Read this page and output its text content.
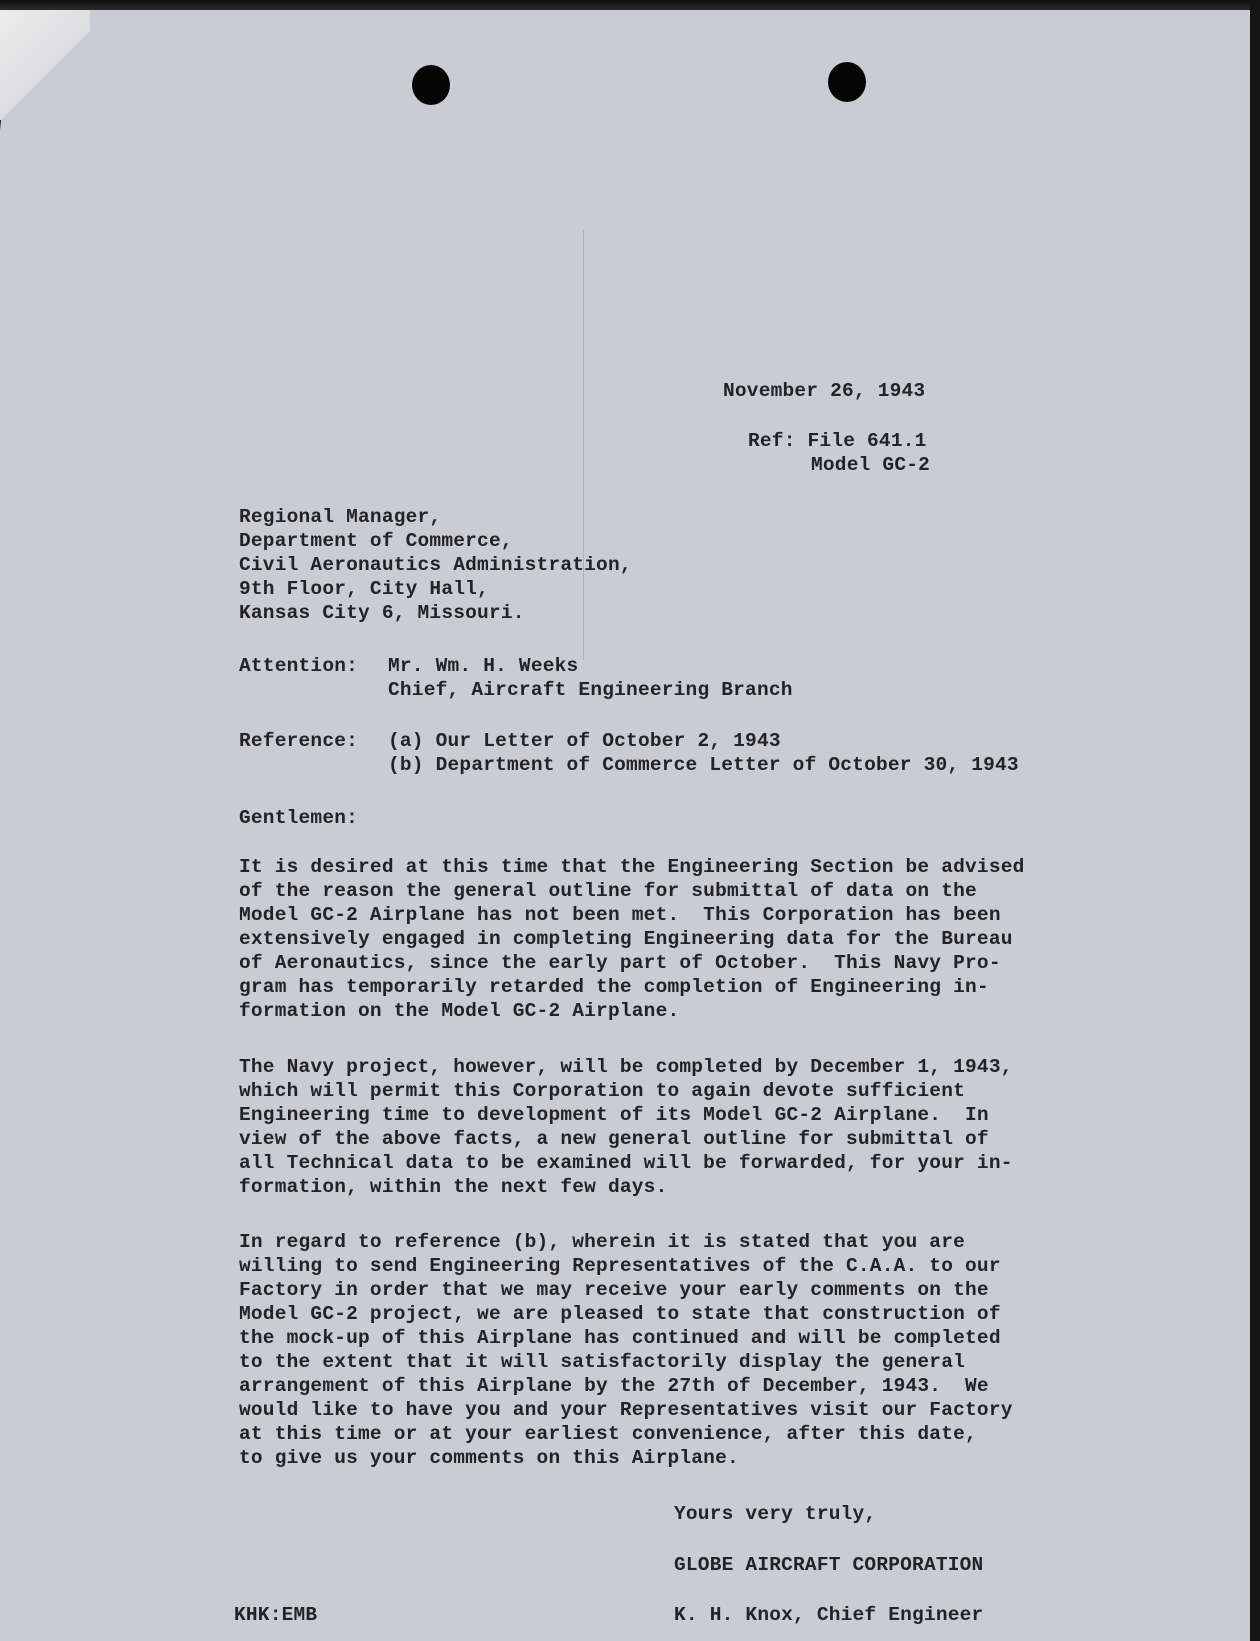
November 26, 1943
Ref: File 641.1
Model GC-2
Regional Manager,
Department of Commerce,
Civil Aeronautics Administration,
9th Floor, City Hall,
Kansas City 6, Missouri.
Attention: Mr. Wm. H. Weeks
Chief, Aircraft Engineering Branch
Reference: (a) Our Letter of October 2, 1943
(b) Department of Commerce Letter of October 30, 1943
Gentlemen:
It is desired at this time that the Engineering Section be advised
of the reason the general outline for submittal of data on the
Model GC-2 Airplane has not been met.  This Corporation has been
extensively engaged in completing Engineering data for the Bureau
of Aeronautics, since the early part of October.  This Navy Pro-
gram has temporarily retarded the completion of Engineering in-
formation on the Model GC-2 Airplane.
The Navy project, however, will be completed by December 1, 1943,
which will permit this Corporation to again devote sufficient
Engineering time to development of its Model GC-2 Airplane.  In
view of the above facts, a new general outline for submittal of
all Technical data to be examined will be forwarded, for your in-
formation, within the next few days.
In regard to reference (b), wherein it is stated that you are
willing to send Engineering Representatives of the C.A.A. to our
Factory in order that we may receive your early comments on the
Model GC-2 project, we are pleased to state that construction of
the mock-up of this Airplane has continued and will be completed
to the extent that it will satisfactorily display the general
arrangement of this Airplane by the 27th of December, 1943.  We
would like to have you and your Representatives visit our Factory
at this time or at your earliest convenience, after this date,
to give us your comments on this Airplane.
Yours very truly,
GLOBE AIRCRAFT CORPORATION
K. H. Knox, Chief Engineer
KHK:EMB
